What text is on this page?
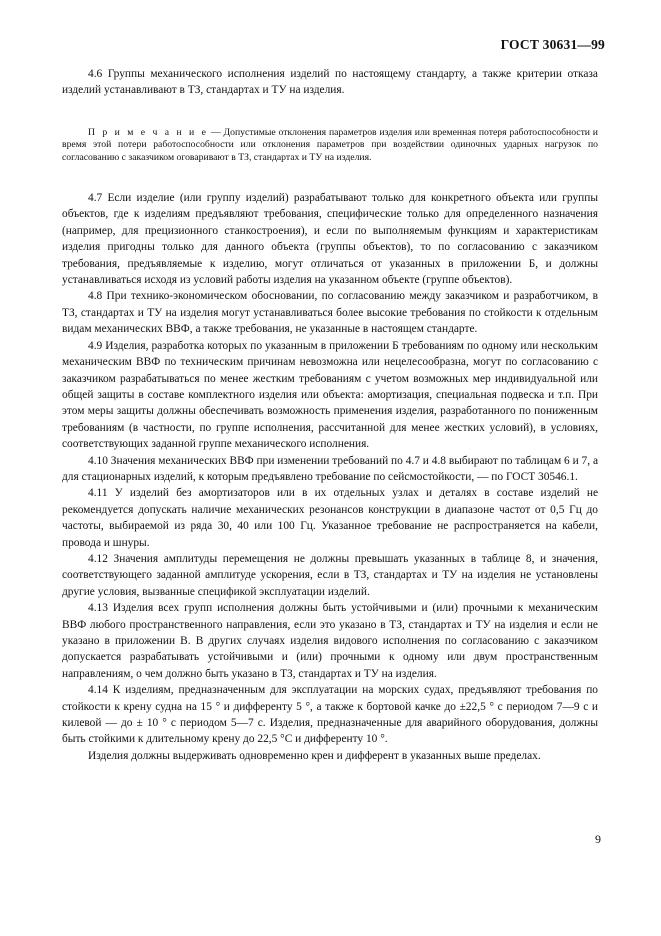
ГОСТ 30631—99

4.6 Группы механического исполнения изделий по настоящему стандарту, а также критерии отказа изделий устанавливают в ТЗ, стандартах и ТУ на изделия.

П р и м е ч а н и е — Допустимые отклонения параметров изделия или временная потеря работоспособности и время этой потери работоспособности или отклонения параметров при воздействии одиночных ударных нагрузок по согласованию с заказчиком оговаривают в ТЗ, стандартах и ТУ на изделия.

4.7 Если изделие (или группу изделий) разрабатывают только для конкретного объекта или группы объектов, где к изделиям предъявляют требования, специфические только для определенного назначения (например, для прецизионного станкостроения), и если по выполняемым функциям и характеристикам изделия пригодны только для данного объекта (группы объектов), то по согласованию с заказчиком требования, предъявляемые к изделию, могут отличаться от указанных в приложении Б, и должны устанавливаться исходя из условий работы изделия на указанном объекте (группе объектов).

4.8 При технико-экономическом обосновании, по согласованию между заказчиком и разработчиком, в ТЗ, стандартах и ТУ на изделия могут устанавливаться более высокие требования по стойкости к отдельным видам механических ВВФ, а также требования, не указанные в настоящем стандарте.

4.9 Изделия, разработка которых по указанным в приложении Б требованиям по одному или нескольким механическим ВВФ по техническим причинам невозможна или нецелесообразна, могут по согласованию с заказчиком разрабатываться по менее жестким требованиям с учетом возможных мер индивидуальной или общей защиты в составе комплектного изделия или объекта: амортизация, специальная подвеска и т.п. При этом меры защиты должны обеспечивать возможность применения изделия, разработанного по пониженным требованиям (в частности, по группе исполнения, рассчитанной для менее жестких условий), в условиях, соответствующих заданной группе механического исполнения.

4.10 Значения механических ВВФ при изменении требований по 4.7 и 4.8 выбирают по таблицам 6 и 7, а для стационарных изделий, к которым предъявлено требование по сейсмостойкости, — по ГОСТ 30546.1.

4.11 У изделий без амортизаторов или в их отдельных узлах и деталях в составе изделий не рекомендуется допускать наличие механических резонансов конструкции в диапазоне частот от 0,5 Гц до частоты, выбираемой из ряда 30, 40 или 100 Гц. Указанное требование не распространяется на кабели, провода и шнуры.

4.12 Значения амплитуды перемещения не должны превышать указанных в таблице 8, и значения, соответствующего заданной амплитуде ускорения, если в ТЗ, стандартах и ТУ на изделия не установлены другие условия, вызванные спецификой эксплуатации изделий.

4.13 Изделия всех групп исполнения должны быть устойчивыми и (или) прочными к механическим ВВФ любого пространственного направления, если это указано в ТЗ, стандартах и ТУ на изделия и если не указано в приложении В. В других случаях изделия видового исполнения по согласованию с заказчиком допускается разрабатывать устойчивыми и (или) прочными к одному или двум пространственным направлениям, о чем должно быть указано в ТЗ, стандартах и ТУ на изделия.

4.14 К изделиям, предназначенным для эксплуатации на морских судах, предъявляют требования по стойкости к крену судна на 15 ° и дифференту 5 °, а также к бортовой качке до ±22,5 ° с периодом 7—9 с и килевой — до ± 10 ° с периодом 5—7 с. Изделия, предназначенные для аварийного оборудования, должны быть стойкими к длительному крену до 22,5 °С и дифференту 10 °.

Изделия должны выдерживать одновременно крен и дифферент в указанных выше пределах.

9
